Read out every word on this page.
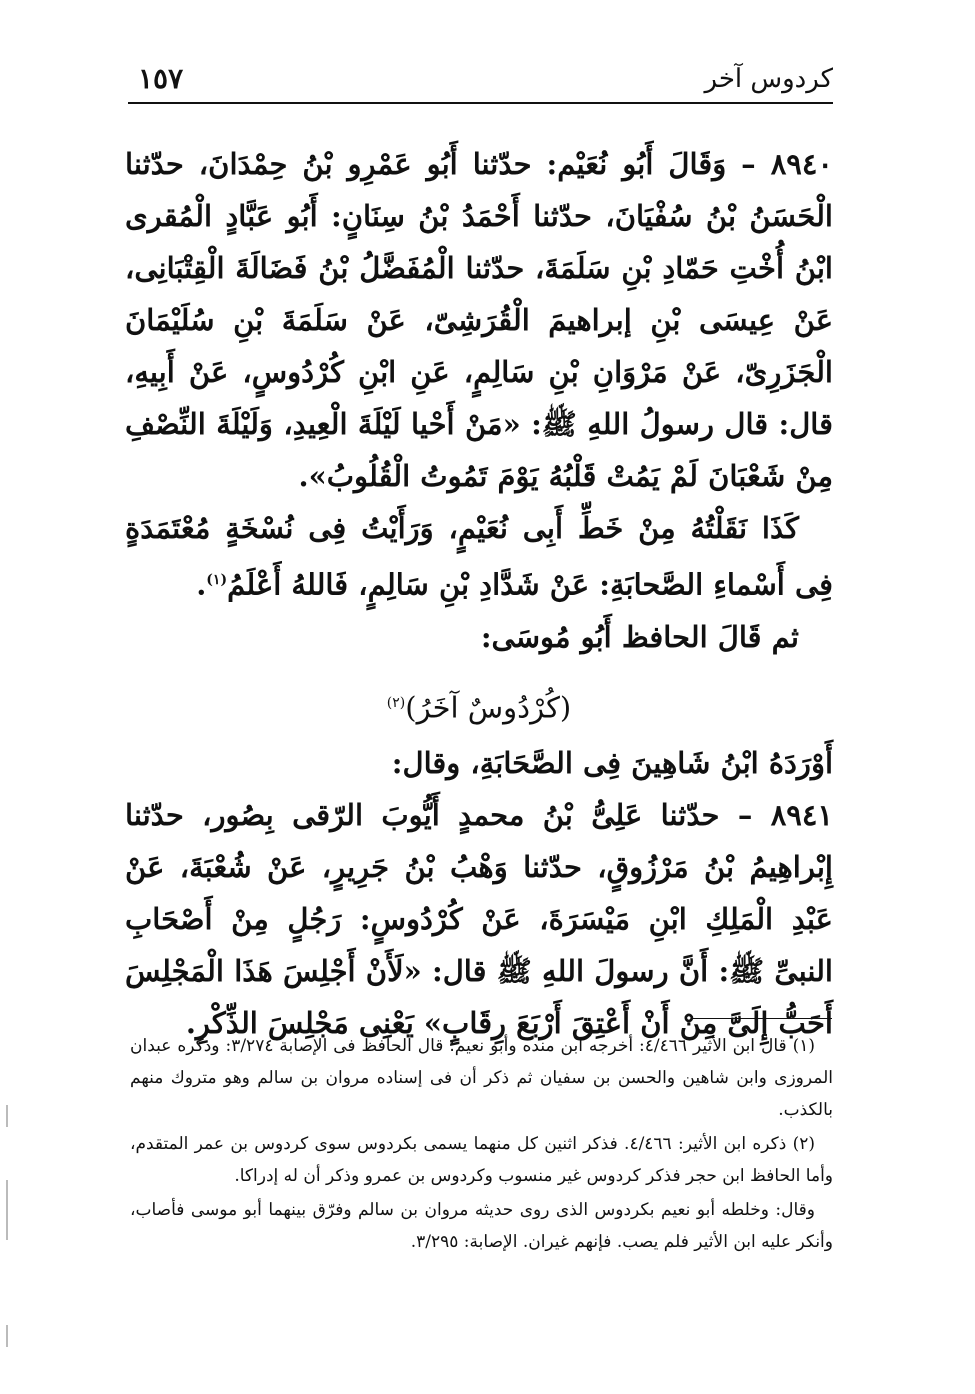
كردوس آخر
١٥٧

٨٩٤٠ – وَقَالَ أَبُو نُعَيْم: حدّثنا أَبُو عَمْرِو بْنُ حِمْدَانَ، حدّثنا الْحَسَنُ بْنُ سُفْيَانَ، حدّثنا أَحْمَدُ بْنُ سِنَانٍ: أَبُو عَبَّادٍ الْمُقرى ابْنُ أُخْتِ حَمّادِ بْنِ سَلَمَةَ، حدّثنا الْمُفَضَّلُ بْنُ فَضَالَةَ الْقِتْبَانِى، عَنْ عِيسَى بْنِ إبراهيمَ الْقُرَشِىّ، عَنْ سَلَمَةَ بْنِ سُلَيْمَانَ الْجَزَرِىّ، عَنْ مَرْوَانِ بْنِ سَالِمٍ، عَنِ ابْنِ كُرْدُوسٍ، عَنْ أَبِيهِ، قال: قال رسولُ اللهِ ﷺ: «مَنْ أَحْيا لَيْلَةَ الْعِيدِ، وَلَيْلَةَ النِّصْفِ مِنْ شَعْبَانَ لَمْ يَمُتْ قَلْبُهُ يَوْمَ تَمُوتُ الْقُلُوبُ».

كَذَا نَقَلْتُهُ مِنْ خَطِّ أَبِى نُعَيْمٍ، وَرَأَيْتُ فِى نُسْخَةٍ مُعْتَمَدَةٍ فِى أَسْماءِ الصَّحابَةِ: عَنْ شَدَّادِ بْنِ سَالِمٍ، فَاللهُ أَعْلَمُ$^{(١)}$.

ثم قَالَ الحافظ أَبُو مُوسَى:

(كُرْدُوسٌ آخَرُ)$^{(٢)}$

أَوْرَدَهُ ابْنُ شَاهِينَ فِى الصَّحَابَةِ، وقال:

٨٩٤١ – حدّثنا عَلِىُّ بْنُ محمدٍ أَيُّوبَ الرّقى بِصُور، حدّثنا إِبْراهِيمُ بْنُ مَرْزُوقٍ، حدّثنا وَهْبُ بْنُ جَرِيرٍ، عَنْ شُعْبَةَ، عَنْ عَبْدِ الْمَلِكِ ابْنِ مَيْسَرَةَ، عَنْ كُرْدُوسٍ: رَجُلٍ مِنْ أَصْحَابِ النبىِّ ﷺ: أَنَّ رسولَ اللهِ ﷺ قال: «لَأَنْ أَجْلِسَ هَذَا الْمَجْلِسَ أَحَبُّ إِلَىَّ مِنْ أَنْ أَعْتِقَ أَرْبَعَ رِقَابٍ» يَعْنِى مَجْلِسَ الذِّكْرِ.

(١) قال ابن الأثير ٤/٤٦٦: أخرجه ابن منده وأبو نعيم؛ قال الحافظ فى الإصابة ٣/٢٧٤: وذكره عبدان المروزى وابن شاهين والحسن بن سفيان ثم ذكر أن فى إسناده مروان بن سالم وهو متروك منهم بالكذب.

(٢) ذكره ابن الأثير: ٤/٤٦٦. فذكر اثنين كل منهما يسمى بكردوس سوى كردوس بن عمر المتقدم، وأما الحافظ ابن حجر فذكر كردوس غير منسوب وكردوس بن عمرو وذكر أن له إدراكا.

وقال: وخلطه أبو نعيم بكردوس الذى روى حديثه مروان بن سالم وفرّق بينهما أبو موسى فأصاب، وأنكر عليه ابن الأثير فلم يصب. فإنهم غيران. الإصابة: ٣/٢٩٥.
